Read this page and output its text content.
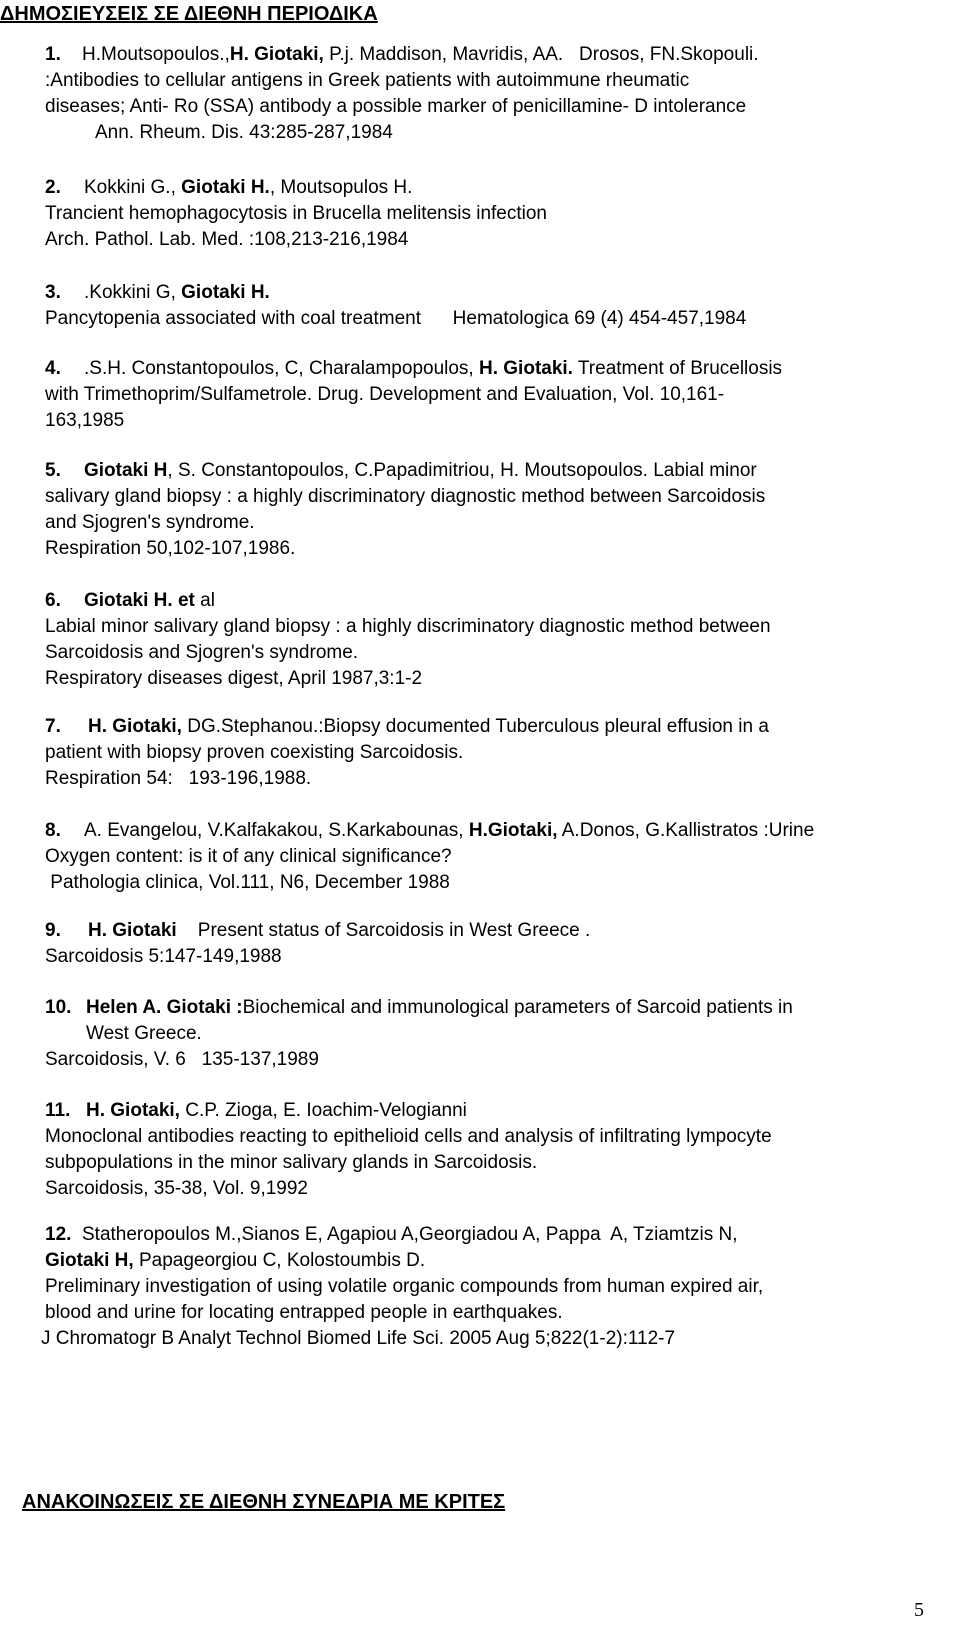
ΔΗΜΟΣΙΕΥΣΕΙΣ ΣΕ ΔΙΕΘΝΗ ΠΕΡΙΟΔΙΚΑ
1. H.Moutsopoulos.,H. Giotaki, P.j. Maddison, Mavridis, AA.   Drosos, FN.Skopouli.
:Antibodies to cellular antigens in Greek patients with autoimmune rheumatic
diseases; Anti- Ro (SSA) antibody a possible marker of penicillamine- D intolerance
Ann. Rheum. Dis. 43:285-287,1984
2. Kokkini G., Giotaki H., Moutsopulos H.
Trancient hemophagocytosis in Brucella melitensis infection
Arch. Pathol. Lab. Med. :108,213-216,1984
3. .Kokkini G, Giotaki H.
Pancytopenia associated with coal treatment      Hematologica 69 (4) 454-457,1984
4. .S.H. Constantopoulos, C, Charalampopoulos, H. Giotaki. Treatment of Brucellosis
with Trimethoprim/Sulfametrole. Drug. Development and Evaluation, Vol. 10,161-
163,1985
5. Giotaki H, S. Constantopoulos, C.Papadimitriou, H. Moutsopoulos. Labial minor
salivary gland biopsy : a highly discriminatory diagnostic method between Sarcoidosis
and Sjogren's syndrome.
Respiration 50,102-107,1986.
6. Giotaki H. et al
Labial minor salivary gland biopsy : a highly discriminatory diagnostic method between
Sarcoidosis and Sjogren's syndrome.
Respiratory diseases digest, April 1987,3:1-2
7. H. Giotaki, DG.Stephanou.:Biopsy documented Tuberculous pleural effusion in a
patient with biopsy proven coexisting Sarcoidosis.
Respiration 54:   193-196,1988.
8. A. Evangelou, V.Kalfakakou, S.Karkabounas, H.Giotaki, A.Donos, G.Kallistratos :Urine
Oxygen content: is it of any clinical significance?
Pathologia clinica, Vol.111, N6, December 1988
9. H. Giotaki    Present status of Sarcoidosis in West Greece .
Sarcoidosis 5:147-149,1988
10. Helen A. Giotaki :Biochemical and immunological parameters of Sarcoid patients in
West Greece.
Sarcoidosis, V. 6   135-137,1989
11. H. Giotaki, C.P. Zioga, E. Ioachim-Velogianni
Monoclonal antibodies reacting to epithelioid cells and analysis of infiltrating lympocyte
subpopulations in the minor salivary glands in Sarcoidosis.
Sarcoidosis, 35-38, Vol. 9,1992
12. Statheropoulos M.,Sianos E, Agapiou A,Georgiadou A, Pappa  A, Tziamtzis N,
Giotaki H, Papageorgiou C, Kolostoumbis D.
Preliminary investigation of using volatile organic compounds from human expired air,
blood and urine for locating entrapped people in earthquakes.
J Chromatogr B Analyt Technol Biomed Life Sci. 2005 Aug 5;822(1-2):112-7
ΑΝΑΚΟΙΝΩΣΕΙΣ ΣΕ ΔΙΕΘΝΗ ΣΥΝΕΔΡΙΑ ΜΕ ΚΡΙΤΕΣ
5
